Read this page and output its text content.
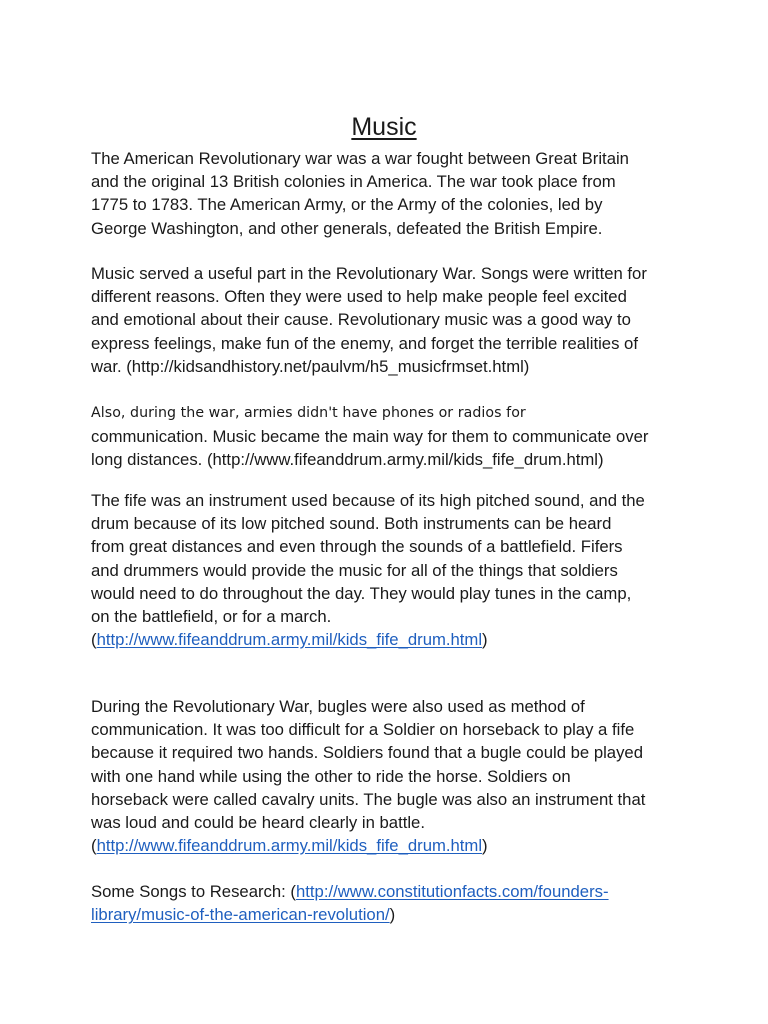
Music

The American Revolutionary war was a war fought between Great Britain
and the original 13 British colonies in America. The war took place from
1775 to 1783. The American Army, or the Army of the colonies, led by
George Washington, and other generals, defeated the British Empire.

Music served a useful part in the Revolutionary War. Songs were written for
different reasons. Often they were used to help make people feel excited
and emotional about their cause. Revolutionary music was a good way to
express feelings, make fun of the enemy, and forget the terrible realities of
war. (http://kidsandhistory.net/paulvm/h5_musicfrmset.html)

Also, during the war, armies didn't have phones or radios for
communication. Music became the main way for them to communicate over
long distances. (http://www.fifeanddrum.army.mil/kids_fife_drum.html)

The fife was an instrument used because of its high pitched sound, and the
drum because of its low pitched sound. Both instruments can be heard
from great distances and even through the sounds of a battlefield. Fifers
and drummers would provide the music for all of the things that soldiers
would need to do throughout the day. They would play tunes in the camp,
on the battlefield, or for a march.
(http://www.fifeanddrum.army.mil/kids_fife_drum.html)

During the Revolutionary War, bugles were also used as method of
communication. It was too difficult for a Soldier on horseback to play a fife
because it required two hands. Soldiers found that a bugle could be played
with one hand while using the other to ride the horse. Soldiers on
horseback were called cavalry units. The bugle was also an instrument that
was loud and could be heard clearly in battle.
(http://www.fifeanddrum.army.mil/kids_fife_drum.html)

Some Songs to Research: (http://www.constitutionfacts.com/founders-
library/music-of-the-american-revolution/)
